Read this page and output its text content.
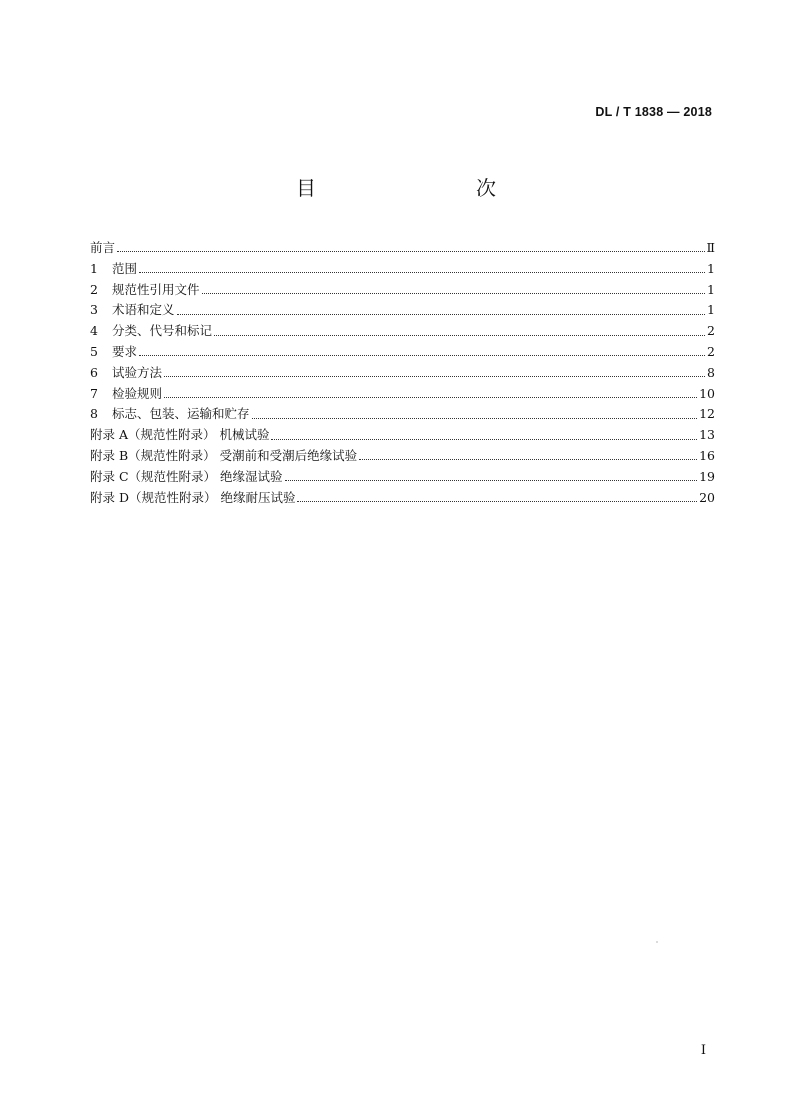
DL / T 1838 — 2018
目　　次
前言	Ⅱ
1	范围	1
2	规范性引用文件	1
3	术语和定义	1
4	分类、代号和标记	2
5	要求	2
6	试验方法	8
7	检验规则	10
8	标志、包装、运输和贮存	12
附录 A（规范性附录） 机械试验	13
附录 B（规范性附录） 受潮前和受潮后绝缘试验	16
附录 C（规范性附录） 绝缘湿试验	19
附录 D（规范性附录） 绝缘耐压试验	20
I
